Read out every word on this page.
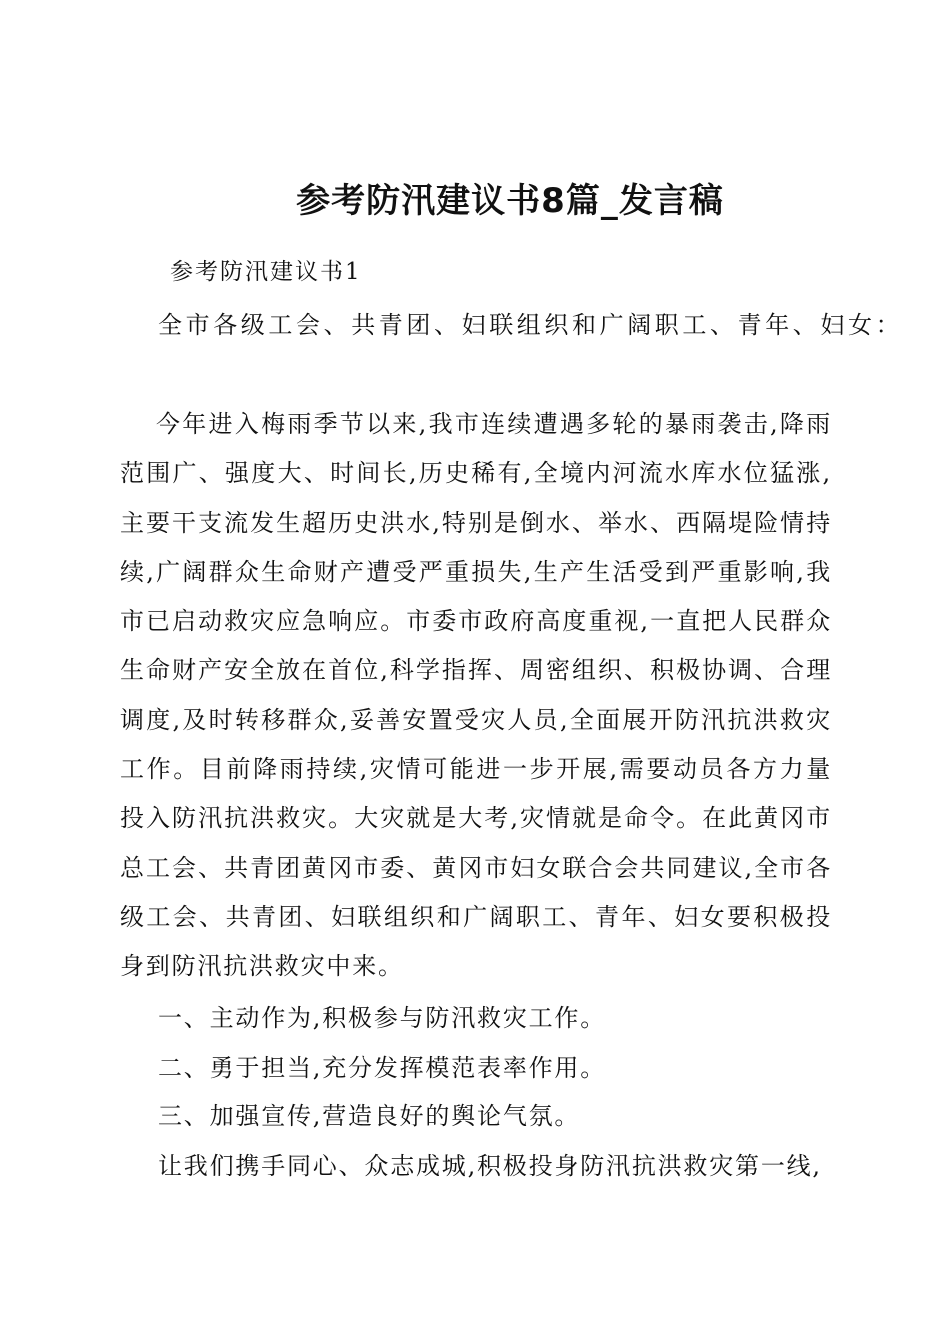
参考防汛建议书8篇_发言稿
参考防汛建议书1
全市各级工会、共青团、妇联组织和广阔职工、青年、妇女：

今年进入梅雨季节以来,我市连续遭遇多轮的暴雨袭击,降雨范围广、强度大、时间长,历史稀有,全境内河流水库水位猛涨,主要干支流发生超历史洪水,特别是倒水、举水、西隔堤险情持续,广阔群众生命财产遭受严重损失,生产生活受到严重影响,我市已启动救灾应急响应。市委市政府高度重视,一直把人民群众生命财产安全放在首位,科学指挥、周密组织、积极协调、合理调度,及时转移群众,妥善安置受灾人员,全面展开防汛抗洪救灾工作。目前降雨持续,灾情可能进一步开展,需要动员各方力量投入防汛抗洪救灾。大灾就是大考,灾情就是命令。在此黄冈市总工会、共青团黄冈市委、黄冈市妇女联合会共同建议,全市各级工会、共青团、妇联组织和广阔职工、青年、妇女要积极投身到防汛抗洪救灾中来。

一、主动作为,积极参与防汛救灾工作。
二、勇于担当,充分发挥模范表率作用。
三、加强宣传,营造良好的舆论气氛。
让我们携手同心、众志成城,积极投身防汛抗洪救灾第一线,
